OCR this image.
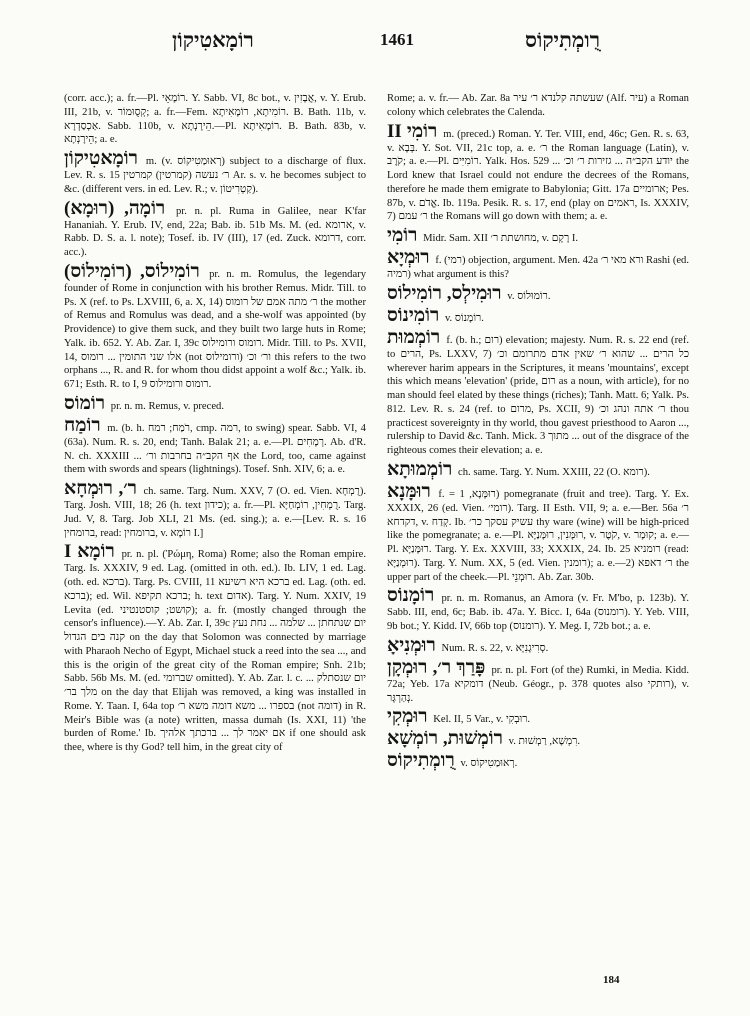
רוֹמָאטִיקוֹן	1461	רֻומְתִיקוֹס

(corr. acc.); a. fr.—Pl. רוֹמָאֵי. Y. Sabb. VI, 8c bot., v. אֲבָזִין, v. Y. Erub. III, 21b, v. קְסֻוּמוֹר; a. fr.—Fem. רוֹמִיתָא, רוֹמָאִיתָא. B. Bath. 11b, v. אַכְסַדְרָא. Sabb. 110b, v. הֵירָנְתָא.—Pl. רוֹמָאִיתָא. B. Bath. 83b, v. הֵירָנְתָא; a. e.

רוֹמָאטִיקוֹן m. (v. רְאוּמַטִיקוֹס) subject to a discharge of flux. Lev. R. s. 15 ר׳ נעשה (קמרטין) קמרטין Ar. s. v. he becomes subject to &c. (different vers. in ed. Lev. R.; v. קַטְרִיטוֹן).

רוֹמָה, (רוּמָא) pr. n. pl. Ruma in Galilee, near K'far Hananiah. Y. Erub. IV, end, 22a; Bab. ib. 51b Ms. M. (ed. ארומא, v. Rabb. D. S. a. l. note); Tosef. ib. IV (III), 17 (ed. Zuck. דרומא, corr. acc.).

רוֹמִילוֹס, (רוֹמִילוֹס) pr. n. m. Romulus, the legendary founder of Rome in conjunction with his brother Remus. Midr. Till. to Ps. X (ref. to Ps. LXVIII, 6, a. X, 14) ר׳ מתה אמם של רומוס the mother of Remus and Romulus was dead, and a she-wolf was appointed (by Providence) to give them suck, and they built two large huts in Rome; Yalk. ib. 652. Y. Ab. Zar. I, 39c רומוס ורומילוס. Midr. Till. to Ps. XVII, 14, אלו שני התומין ... רומוס (not ורומילוס) ור׳ וכ׳ this refers to the two orphans ..., R. and R. for whom thou didst appoint a wolf &c.; Yalk. ib. 671; Esth. R. to I, 9 רומוס ורומילוס.

רוֹמוֹס pr. n. m. Remus, v. preced.

רוֹמַח m. (b. h. רֹמַח; רמח, cmp. רמה, to swing) spear. Sabb. VI, 4 (63a). Num. R. s. 20, end; Tanh. Balak 21; a. e.—Pl. רְמָחִים. Ab. d'R. N. ch. XXXIII ... אף הקב״ה בחרבות ור׳ the Lord, too, came against them with swords and spears (lightnings). Tosef. Snh. XIV, 6; a. e.

ר׳, רוּמְחָא ch. same. Targ. Num. XXV, 7 (O. ed. Vien. רֻמְחָא). Targ. Josh. VIII, 18; 26 (h. text כידון); a. fr.—Pl. רֻמְחִין, רוֹמְחַיָּא. Targ. Jud. V, 8. Targ. Job XLI, 21 Ms. (ed. sing.); a. e.—[Lev. R. s. 16 ברומחין, read: ברומחין, v. רוֹמָא I.]

רוֹמָא I pr. n. pl. (Ῥώμη, Roma) Rome; also the Roman empire. Targ. Is. XXXIV, 9 ed. Lag. (omitted in oth. ed.). Ib. LIV, 1 ed. Lag. (oth. ed. ברכא). Targ. Ps. CVIII, 11 ברכא היא רשיעא ed. Lag. (oth. ed. ברכא); ed. Wil. ברכא תקיפא; h. text אדום). Targ. Y. Num. XXIV, 19 Levita (ed. קושט; קוסטנטיני); a. fr. (mostly changed through the censor's influence).—Y. Ab. Zar. I, 39c יום שנתחתן ... שלמה ... נחת נעץ קנה בים הגדול on the day that Solomon was connected by marriage with Pharaoh Necho of Egypt, Michael stuck a reed into the sea ..., and this is the origin of the great city of the Roman empire; Snh. 21b; Sabb. 56b Ms. M. (ed. שברומי omitted). Y. Ab. Zar. l. c. יום שנסתלק ... מלך בר׳ on the day that Elijah was removed, a king was installed in Rome. Y. Taan. I, 64a top בספרו ... משא דומה משא ר׳ (not דומה) in R. Meir's Bible was (a note) written, massa dumah (Is. XXI, 11) 'the burden of Rome.' Ib. אם יאמר לך ... ברכתך אלהיך if one should ask thee, where is thy God? tell him, in the great city of

Rome; a. v. fr.— Ab. Zar. 8a שעשתה קלנדא ר׳ עיר (Alf. עיר) a Roman colony which celebrates the Calenda.

רוֹמִי II m. (preced.) Roman. Y. Ter. VIII, end, 46c; Gen. R. s. 63, v. בְּבָא. Y. Sot. VII, 21c top, a. e. ר׳ the Roman language (Latin), v. קֹרֶב; a. e.—Pl. רוֹמִיִּים. Yalk. Hos. 529 ... יודע הקב״ה ... גזירות ר׳ וכ׳ the Lord knew that Israel could not endure the decrees of the Romans, therefore he made them emigrate to Babylonia; Gitt. 17a ארומיים; Pes. 87b, v. אֱדֹם. Ib. 119a. Pesik. R. s. 17, end (play on ראמים, Is. XXXIV, 7) ר׳ עמם the Romans will go down with them; a. e.

רוֹמִי Midr. Sam. XII מחושתת ר׳, v. רָקָם I.

רוּמְיָא f. (רמי) objection, argument. Men. 42a ורא מאי ר׳ Rashi (ed. רמיה) what argument is this?

רוּמִילְס, רוֹמִילוֹס v. רוֹמוּלוֹס.

רוֹמִינוֹס v. רוֹמָנוֹס.

רוֹמְמוּת f. (b. h.; רום) elevation; majesty. Num. R. s. 22 end (ref. to הרים, Ps. LXXV, 7) כל הרים ... שהוא ר׳ שאין אדם מתרומם וכ׳ wherever harim appears in the Scriptures, it means 'mountains', except this which means 'elevation' (pride, רום as a noun, with article), for no man should feel elated by these things (riches); Tanh. Matt. 6; Yalk. Ps. 812. Lev. R. s. 24 (ref. to מרום, Ps. XCII, 9) ר׳ אתה ונהג וכ׳ thou practicest sovereignty in thy world, thou gavest priesthood to Aaron ..., rulership to David &c. Tanh. Mick. 3 מתוך ... out of the disgrace of the righteous comes their elevation; a. e.

רוֹמְמוּתָא ch. same. Targ. Y. Num. XXIII, 22 (O. רומא).

רוּמָּנָא f. = רוּמָּנָא, 1) pomegranate (fruit and tree). Targ. Y. Ex. XXXIX, 26 (ed. Vien. רומי׳). Targ. II Esth. VII, 9; a. e.—Ber. 56a ר׳ דקדחא, v. קְדַח. Ib. עשיק עסקך כר׳ thy ware (wine) will be high-priced like the pomegranate; a. e.—Pl. רוּמָּנִין, רוּמָּנַיָּא, v. קֹטֶר, v. קוּמָר; a. e.—Pl. רוּמָּנַיָּא. Targ. Y. Ex. XXVIII, 33; XXXIX, 24. Ib. 25 רומניא (read: רוּמְנַיָּא). Targ. Y. Num. XX, 5 (ed. Vien. רומנין); a. e.—2) ר׳ דאפא the upper part of the cheek.—Pl. רוּמְנֵי. Ab. Zar. 30b.

רוֹמָנוֹס pr. n. m. Romanus, an Amora (v. Fr. M'bo, p. 123b). Y. Sabb. III, end, 6c; Bab. ib. 47a. Y. Bicc. I, 64a (רומנוס). Y. Yeb. VIII, 9b bot.; Y. Kidd. IV, 66b top (רומנוס). Y. Meg. I, 72b bot.; a. e.

רוּמְנִיאָ Num. R. s. 22, v. סְרִיגָנִיָּא.

פָּרַךְ ר׳, רוּמְקָן pr. n. pl. Fort (of the) Rumki, in Media. Kidd. 72a; Yeb. 17a דומקיא (Neub. Géogr., p. 378 quotes also רותקי), v. נְהַרְגָּר.

רוּמְקִי Kel. II, 5 Var., v. רוּבְקִי.

רוֹמְשׁוּת, רוֹמְשָׁא v. רִמְשָׁא, רַמְשׁוּת.

רֻומְתִיקוֹס v. רְאוּמַטִיקוֹס.

184
